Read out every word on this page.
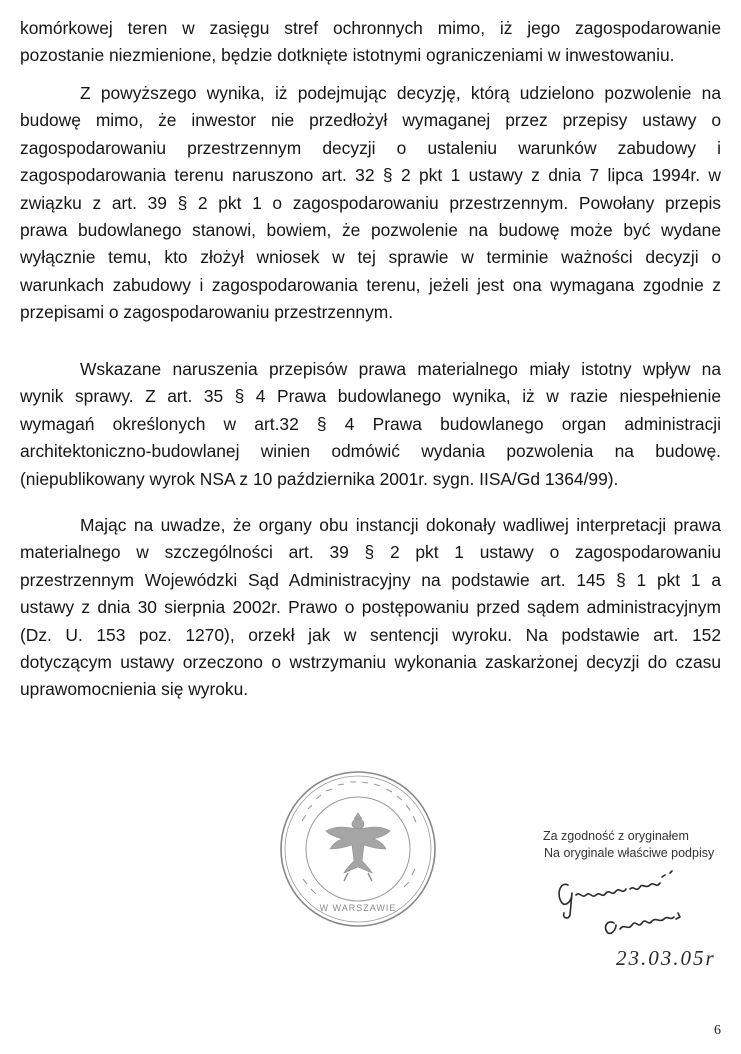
komórkowej teren w zasięgu stref ochronnych mimo, iż jego zagospodarowanie
pozostanie niezmienione, będzie dotknięte istotnymi ograniczeniami w inwestowaniu.

Z powyższego wynika, iż podejmując decyzję, którą udzielono pozwolenie na
budowę mimo, że inwestor nie przedłożył wymaganej przez przepisy ustawy o
zagospodarowaniu przestrzennym decyzji o ustaleniu warunków zabudowy i
zagospodarowania terenu naruszono art. 32 § 2 pkt 1 ustawy z dnia 7 lipca 1994r. w
związku z art. 39 § 2 pkt 1 o zagospodarowaniu przestrzennym. Powołany przepis
prawa budowlanego stanowi, bowiem, że pozwolenie na budowę może być wydane
wyłącznie temu, kto złożył wniosek w tej sprawie w terminie ważności decyzji o
warunkach zabudowy i zagospodarowania terenu, jeżeli jest ona wymagana zgodnie z
przepisami o zagospodarowaniu przestrzennym.

Wskazane naruszenia przepisów prawa materialnego miały istotny wpływ na
wynik sprawy. Z art. 35 § 4 Prawa budowlanego wynika, iż w razie niespełnienie
wymagań określonych w art.32 § 4 Prawa budowlanego organ administracji
architektoniczno-budowlanej winien odmówić wydania pozwolenia na budowę.
(niepublikowany wyrok NSA z 10 października 2001r. sygn. IISA/Gd 1364/99).

Mając na uwadze, że organy obu instancji dokonały wadliwej interpretacji prawa
materialnego w szczególności art. 39 § 2 pkt 1 ustawy o zagospodarowaniu
przestrzennym Wojewódzki Sąd Administracyjny na podstawie art. 145 § 1 pkt 1 a
ustawy z dnia 30 sierpnia 2002r. Prawo o postępowaniu przed sądem administracyjnym
(Dz. U. 153 poz. 1270), orzekł jak w sentencji wyroku. Na podstawie art. 152
dotyczącym ustawy orzeczono o wstrzymaniu wykonania zaskarżonej decyzji do czasu
uprawomocnienia się wyroku.

W WARSZAWIE
Za zgodność z oryginałem
Na oryginale właściwe podpisy
23.03.05r
6
